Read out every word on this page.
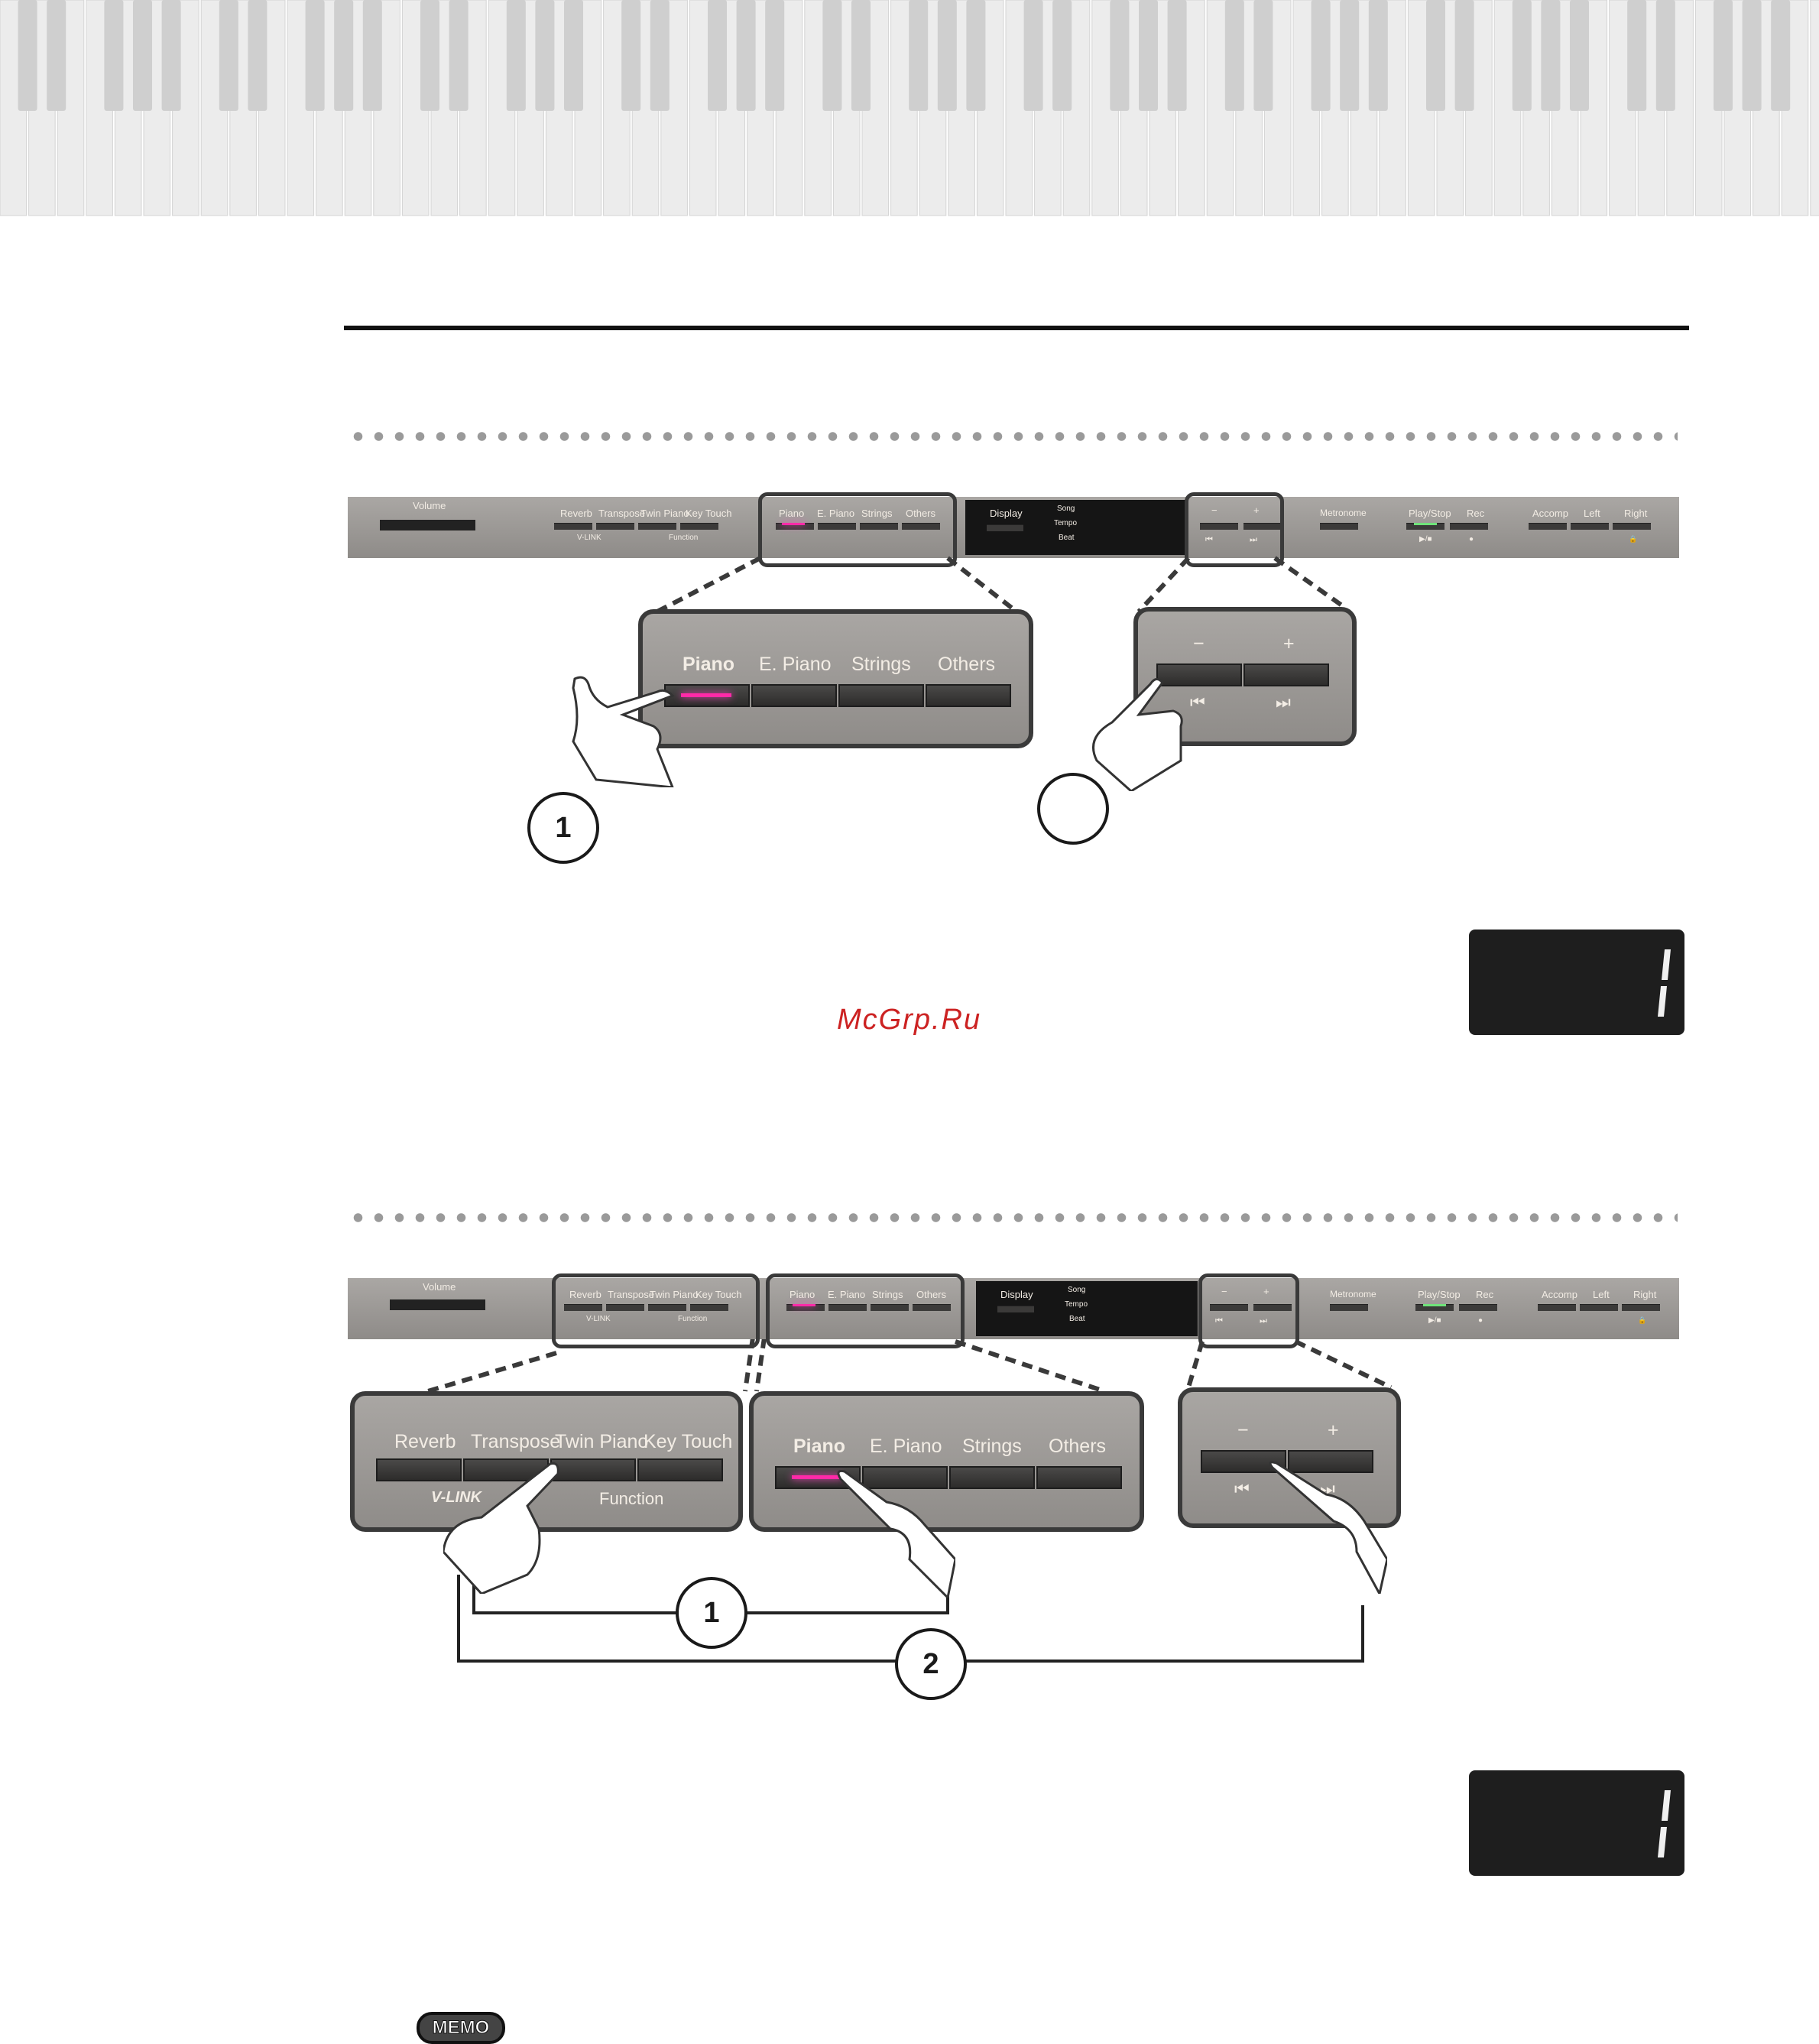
Volume
Reverb Transpose
Twin Piano
Key Touch
V-LINK	Function
Piano E. Piano Strings Others	Display	Song
Tempo
Beat
−	+
⏮	⏭
Metronome	Play/Stop Rec
▶/■	●
Accomp Left Right
🔒
Piano E. Piano Strings Others
−	+
⏮	⏭
1
McGrp.Ru
Volume
Reverb Transpose
Twin Piano
Key Touch
V-LINK	Function
Piano E. Piano Strings Others	Display	Song
Tempo
Beat
−	+
⏮	⏭
Metronome	Play/Stop Rec
▶/■	●
Accomp Left Right
🔒
Reverb Transpose
Twin Piano
Key Touch
V-LINK	Function
Piano E. Piano Strings Others
−	+
⏮	⏭
1
2
MEMO
